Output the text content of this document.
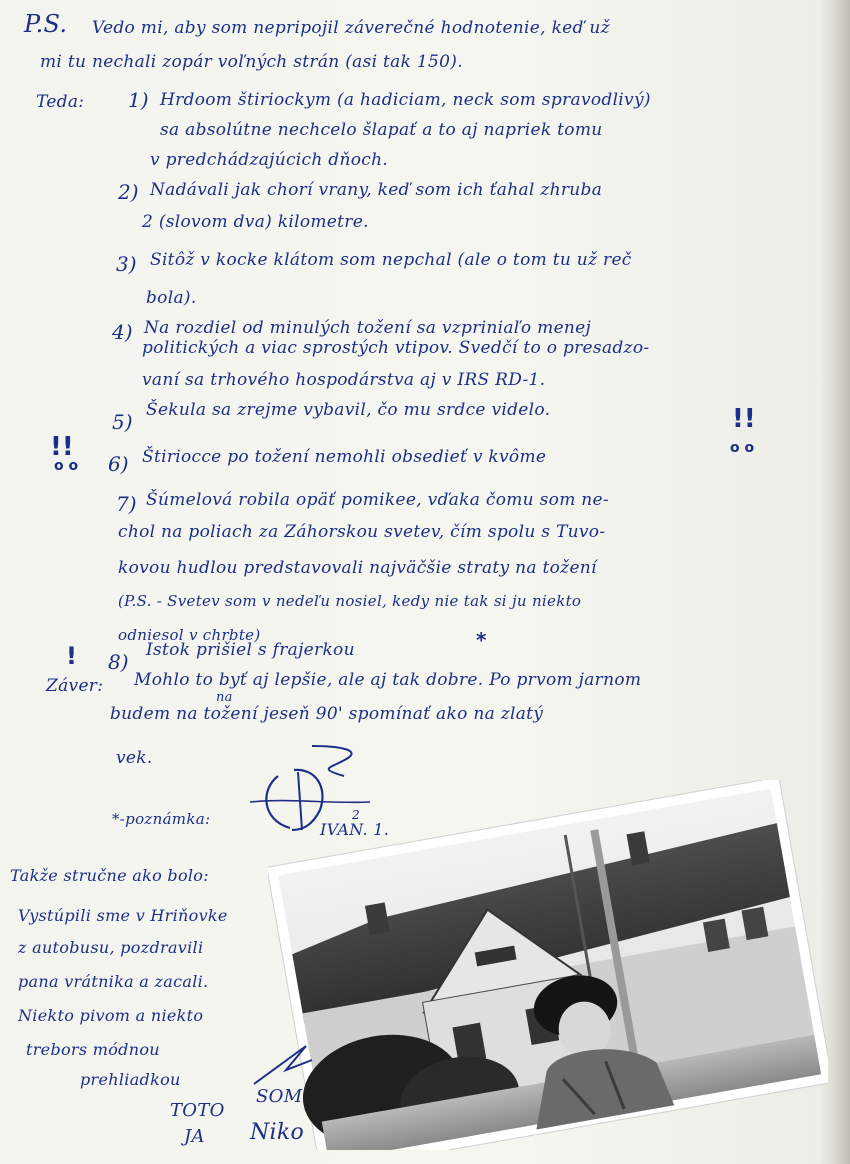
P.S. Vedo mi, aby som nepripojil záverečné hodnotenie, keď už
mi tu nechali zopár voľných strán (asi tak 150).
Teda: 1) Hrdoom štiriockym (a hadiciam, neck som spravodlivý)
sa absolútne nechcelo šlapať a to aj napriek tomu
v predchádzajúcich dňoch.
2) Nadávali jak chorí vrany, keď som ich ťahal zhruba
2 (slovom dva) kilometre.
3) Sitôž v kocke klátom som nepchal (ale o tom tu už reč
bola).
4) Na rozdiel od minulých tožení sa vzpriniaľo menej
politických a viac sprostých vtipov. Svedčí to o presadzo-
vaní sa trhového hospodárstva aj v IRS RD-1.
5) Šekula sa zrejme vybavil, čo mu srdce videlo.
6) Štiriocce po tožení nemohli obsedieť v kvôme
7) Šúmelová robila opäť pomikee, vďaka čomu som ne-
chol na poliach za Záhorskou svetev, čím spolu s Tuvo-
kovou hudlou predstavovali najväčšie straty na tožení
(P.S. - Svetev som v nedeľu nosiel, kedy nie tak si ju niekto
odniesol v chrbte)
8) Istok prišiel s frajerkou	*
!!
o o
!!
o o
!
Záver: Mohlo to byť aj lepšie, ale aj tak dobre. Po prvom jarnom
na
budem na tožení jeseň 90' spomínať ako na zlatý
vek.
*-poznámka:
IVAN. 1.
2
Takže stručne ako bolo:
Vystúpili sme v Hriňovke
z autobusu, pozdravili
pana vrátnika a zacali.
Niekto pivom a niekto
trebors módnou
prehliadkou
TOTO
SOM
JA Niko
